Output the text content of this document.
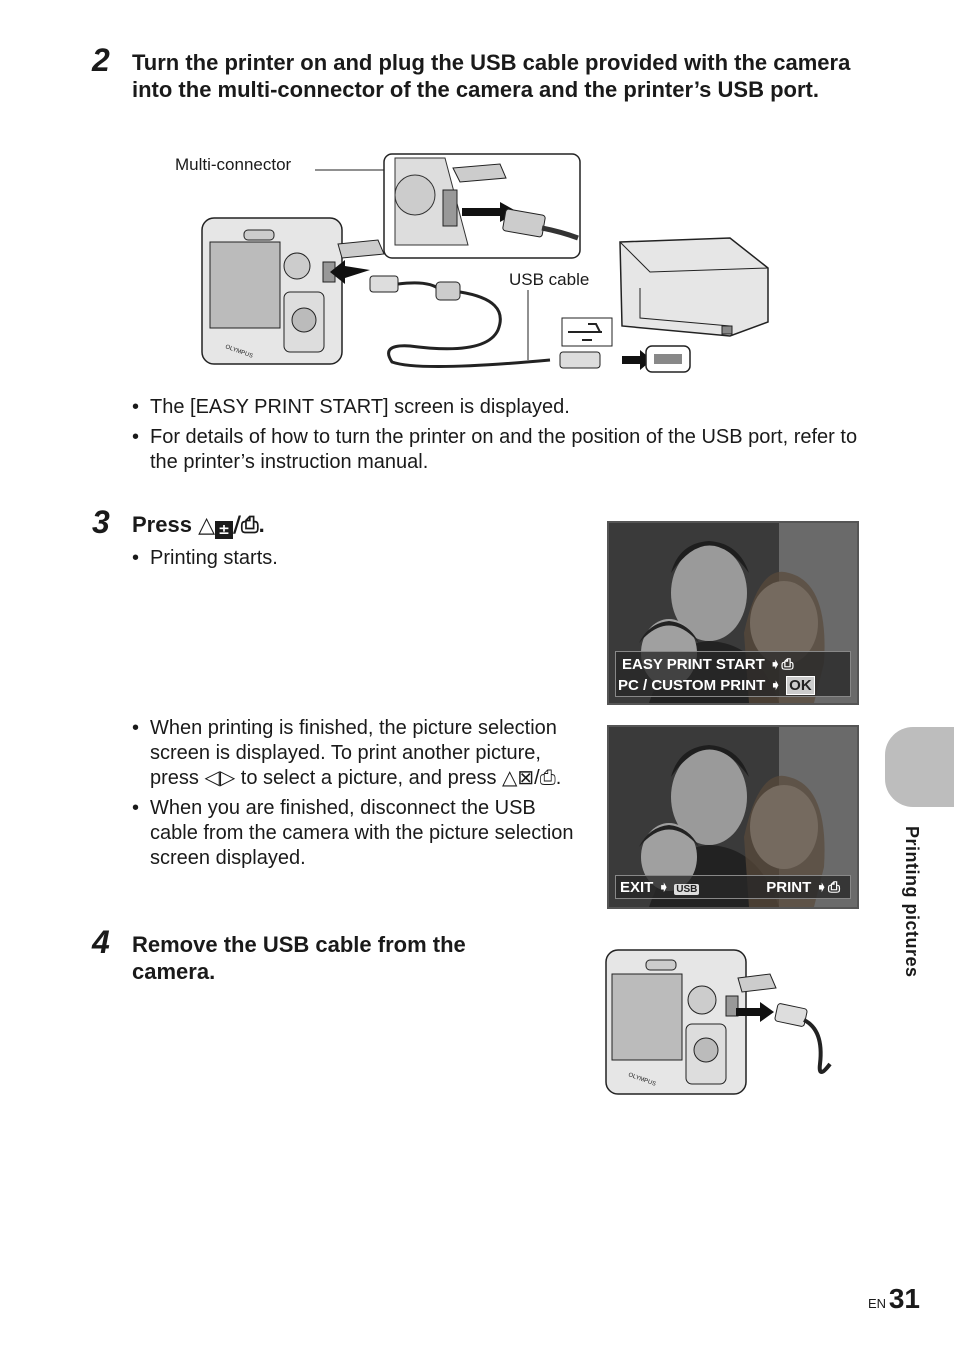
2 Turn the printer on and plug the USB cable provided with the camera into the multi-connector of the camera and the printer’s USB port.
OLYMPUS
Multi-connector
USB cable
• The [EASY PRINT START] screen is displayed.
• For details of how to turn the printer on and the position of the USB port, refer to the printer’s instruction manual.
3 Press △ ± /⎙.
• Printing starts.
EASY PRINT START ➧⎙
PC / CUSTOM PRINT ➧ OK
• When printing is finished, the picture selection screen is displayed. To print another picture, press ◁▷ to select a picture, and press △⊠/⎙.
• When you are finished, disconnect the USB cable from the camera with the picture selection screen displayed.
EXIT ➧ USB	PRINT ➧⎙
4 Remove the USB cable from the camera.
OLYMPUS
Printing pictures
EN 31
